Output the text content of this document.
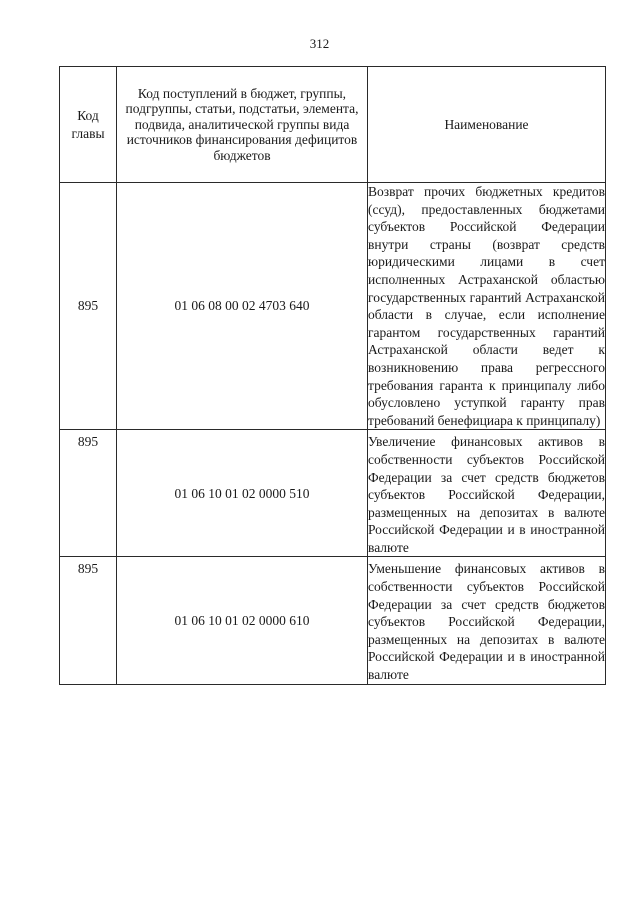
312
Код главы	Код поступлений в бюджет, группы, подгруппы, статьи, подстатьи, элемента, подвида, аналитической группы вида источников финансирования дефицитов бюджетов	Наименование
895	01 06 08 00 02 4703 640	Возврат прочих бюджетных кредитов (ссуд), предоставленных бюджетами субъектов Российской Федерации внутри страны (возврат средств юридическими лицами в счет исполненных Астраханской областью государственных гарантий Астраханской области в случае, если исполнение гарантом государственных гарантий Астраханской области ведет к возникновению права регрессного требования гаранта к принципалу либо обусловлено уступкой гаранту прав требований бенефициара к принципалу)
895	01 06 10 01 02 0000 510	Увеличение финансовых активов в собственности субъектов Российской Федерации за счет средств бюджетов субъектов Российской Федерации, размещенных на депозитах в валюте Российской Федерации и в иностранной валюте
895	01 06 10 01 02 0000 610	Уменьшение финансовых активов в собственности субъектов Российской Федерации за счет средств бюджетов субъектов Российской Федерации, размещенных на депозитах в валюте Российской Федерации и в иностранной валюте
